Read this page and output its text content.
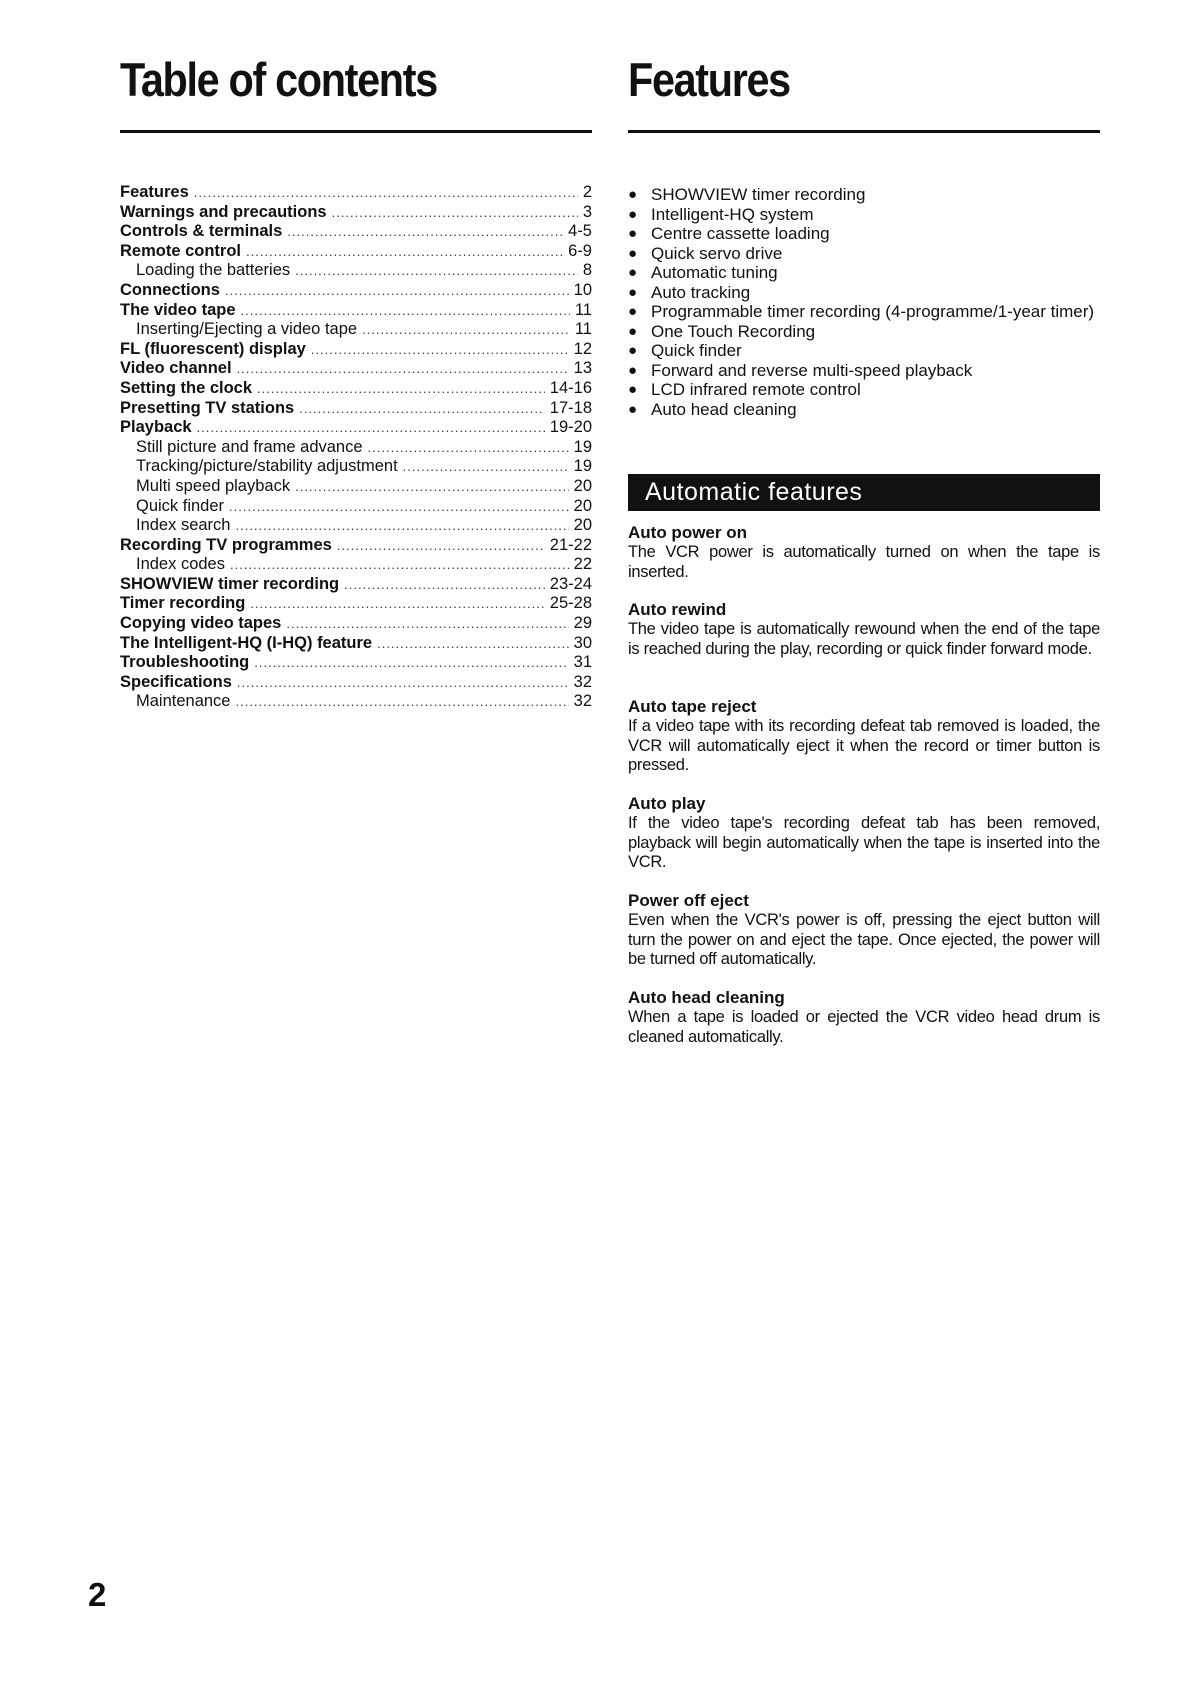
Table of contents
Features .....	2
Warnings and precautions .....	3
Controls & terminals .....	4-5
Remote control .....	6-9
Loading the batteries .....	8
Connections .....	10
The video tape .....	11
Inserting/Ejecting a video tape .....	11
FL (fluorescent) display .....	12
Video channel .....	13
Setting the clock .....	14-16
Presetting TV stations .....	17-18
Playback .....	19-20
Still picture and frame advance .....	19
Tracking/picture/stability adjustment .....	19
Multi speed playback .....	20
Quick finder .....	20
Index search .....	20
Recording TV programmes .....	21-22
Index codes .....	22
SHOWVIEW timer recording .....	23-24
Timer recording .....	25-28
Copying video tapes .....	29
The Intelligent-HQ (I-HQ) feature .....	30
Troubleshooting .....	31
Specifications .....	32
Maintenance .....	32
Features
● SHOWVIEW timer recording
● Intelligent-HQ system
● Centre cassette loading
● Quick servo drive
● Automatic tuning
● Auto tracking
● Programmable timer recording (4-programme/1-year timer)
● One Touch Recording
● Quick finder
● Forward and reverse multi-speed playback
● LCD infrared remote control
● Auto head cleaning
Automatic features
Auto power on
The VCR power is automatically turned on when the tape is inserted.
Auto rewind
The video tape is automatically rewound when the end of the tape is reached during the play, recording or quick finder forward mode.
Auto tape reject
If a video tape with its recording defeat tab removed is loaded, the VCR will automatically eject it when the record or timer button is pressed.
Auto play
If the video tape's recording defeat tab has been removed, playback will begin automatically when the tape is inserted into the VCR.
Power off eject
Even when the VCR's power is off, pressing the eject button will turn the power on and eject the tape. Once ejected, the power will be turned off automatically.
Auto head cleaning
When a tape is loaded or ejected the VCR video head drum is cleaned automatically.
2
